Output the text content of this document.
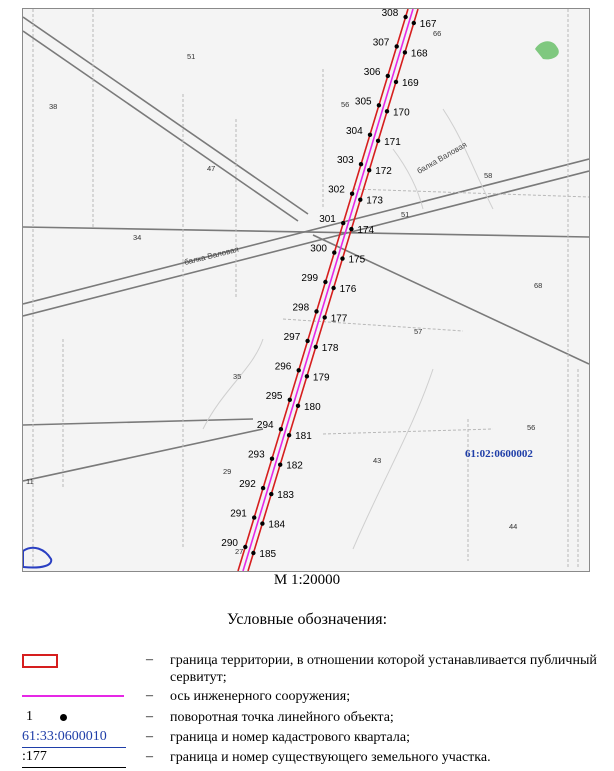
51
38
47
56
34
58
51
68
57
35
56
43
29
11
27
44
66
балка Валовая
балка Валовая
61:02:0600002
308
167
307
168
306
169
305
170
304
171
303
172
302
173
301
174
300
175
299
176
298
177
297
178
296
179
295
180
294
181
293
182
292
183
291
184
290
185
М 1:20000
Условные обозначения:
– граница территории, в отношении которой устанавливается публичный сервитут;
– ось инженерного сооружения;
1	– поворотная точка линейного объекта;
61:33:0600010	– граница и номер кадастрового квартала;
:177	– граница и номер существующего земельного участка.
